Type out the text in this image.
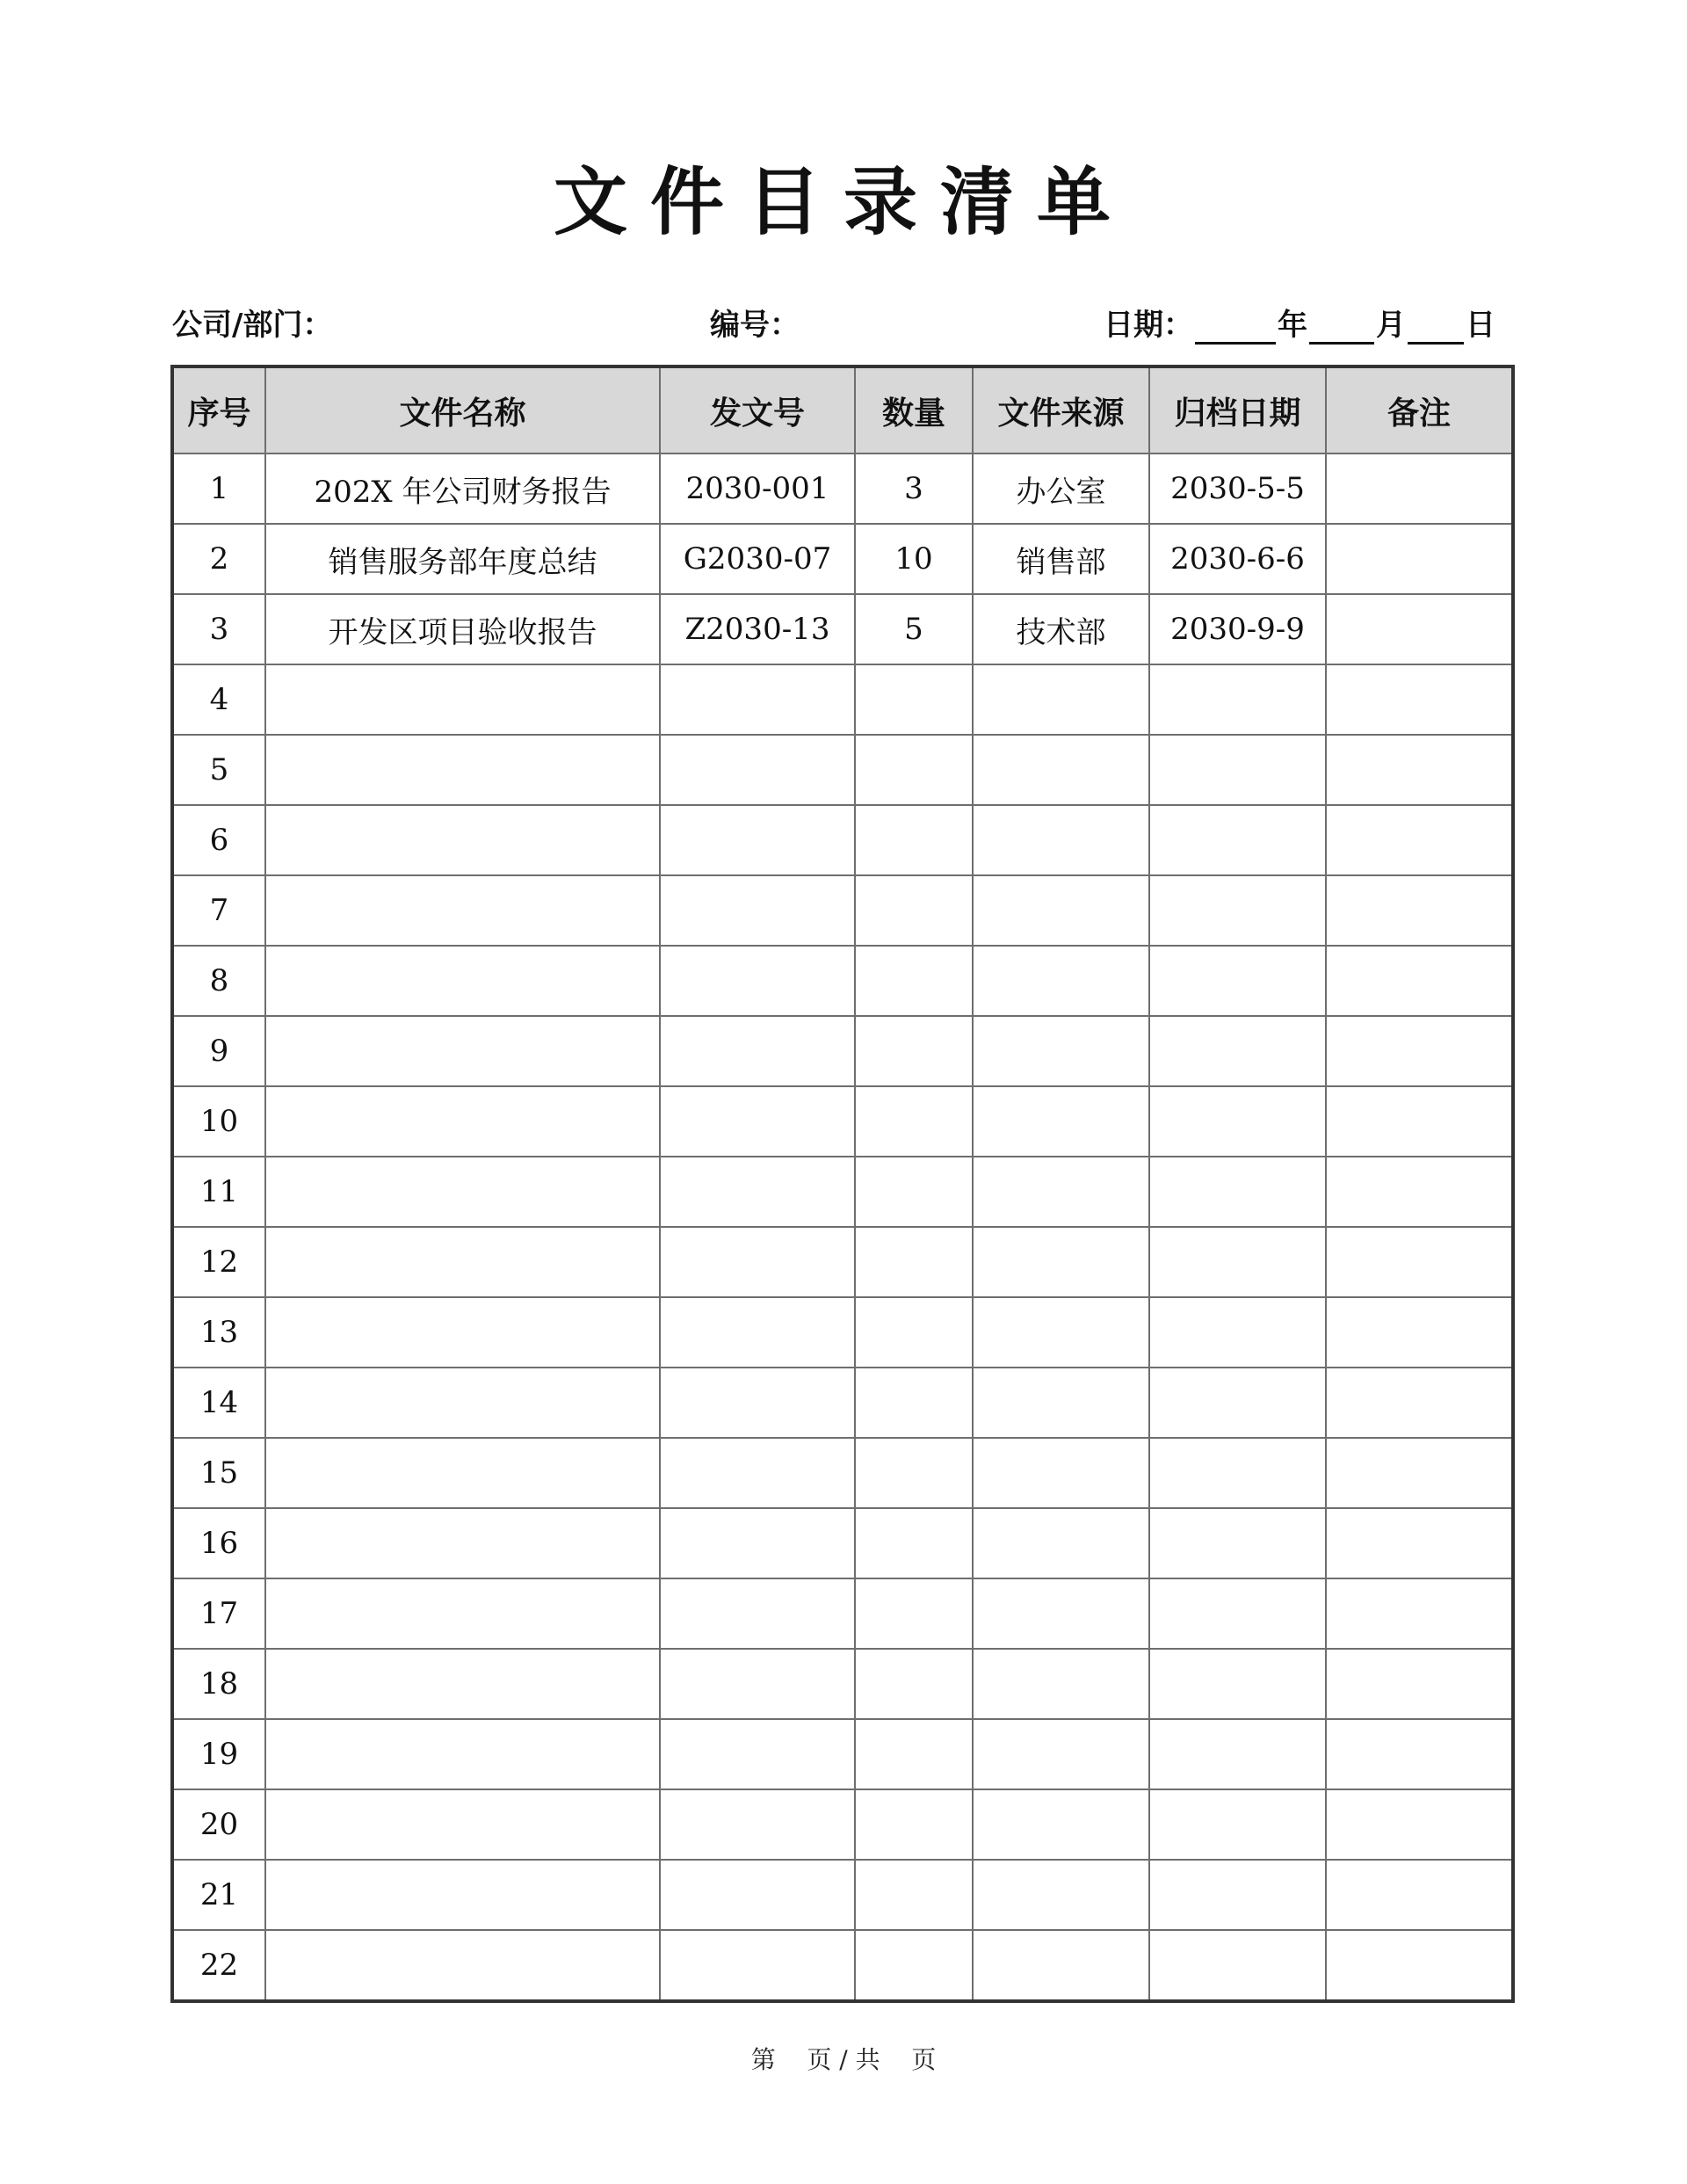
文件目录清单
公司/部门：	编号：	日期：	年 月 日
序号	文件名称	发文号	数量	文件来源	归档日期	备注
1	202X 年公司财务报告	2030-001	3	办公室	2030-5-5	
2	销售服务部年度总结	G2030-07	10	销售部	2030-6-6	
3	开发区项目验收报告	Z2030-13	5	技术部	2030-9-9	
4						
5						
6						
7						
8						
9						
10						
11						
12						
13						
14						
15						
16						
17						
18						
19						
20						
21						
22						
第    页 / 共    页
